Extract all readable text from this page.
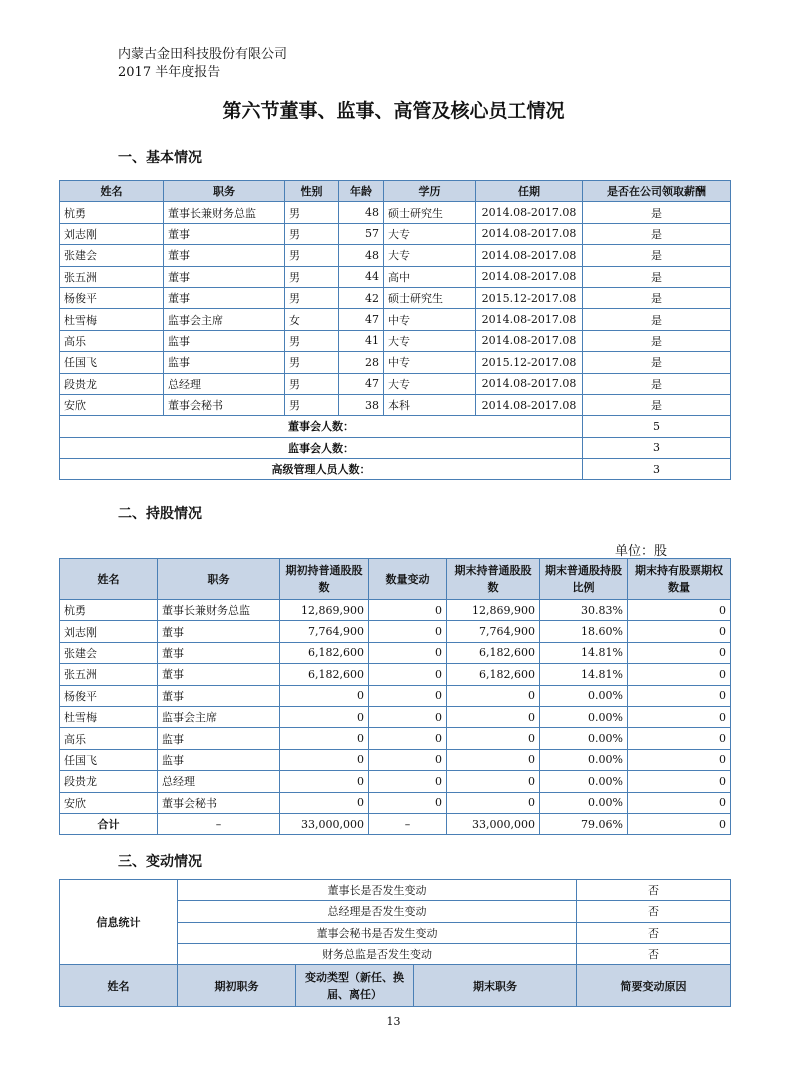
内蒙古金田科技股份有限公司
2017 半年度报告
第六节董事、监事、高管及核心员工情况
一、基本情况
姓名	职务	性别	年龄	学历	任期	是否在公司领取薪酬
杭勇	董事长兼财务总监	男	48	硕士研究生	2014.08-2017.08	是
刘志刚	董事	男	57	大专	2014.08-2017.08	是
张建会	董事	男	48	大专	2014.08-2017.08	是
张五洲	董事	男	44	高中	2014.08-2017.08	是
杨俊平	董事	男	42	硕士研究生	2015.12-2017.08	是
杜雪梅	监事会主席	女	47	中专	2014.08-2017.08	是
高乐	监事	男	41	大专	2014.08-2017.08	是
任国飞	监事	男	28	中专	2015.12-2017.08	是
段贵龙	总经理	男	47	大专	2014.08-2017.08	是
安欣	董事会秘书	男	38	本科	2014.08-2017.08	是
董事会人数：						5
监事会人数：						3
高级管理人员人数：						3
二、持股情况
单位：股
姓名	职务	期初持普通股股数	数量变动	期末持普通股股数	期末普通股持股比例	期末持有股票期权数量
杭勇	董事长兼财务总监	12,869,900	0	12,869,900	30.83%	0
刘志刚	董事	7,764,900	0	7,764,900	18.60%	0
张建会	董事	6,182,600	0	6,182,600	14.81%	0
张五洲	董事	6,182,600	0	6,182,600	14.81%	0
杨俊平	董事	0	0	0	0.00%	0
杜雪梅	监事会主席	0	0	0	0.00%	0
高乐	监事	0	0	0	0.00%	0
任国飞	监事	0	0	0	0.00%	0
段贵龙	总经理	0	0	0	0.00%	0
安欣	董事会秘书	0	0	0	0.00%	0
合计	–	33,000,000	–	33,000,000	79.06%	0
三、变动情况
信息统计	董事长是否发生变动			否
	总经理是否发生变动			否
	董事会秘书是否发生变动			否
	财务总监是否发生变动			否
姓名	期初职务	变动类型（新任、换届、离任）	期末职务	简要变动原因
13
